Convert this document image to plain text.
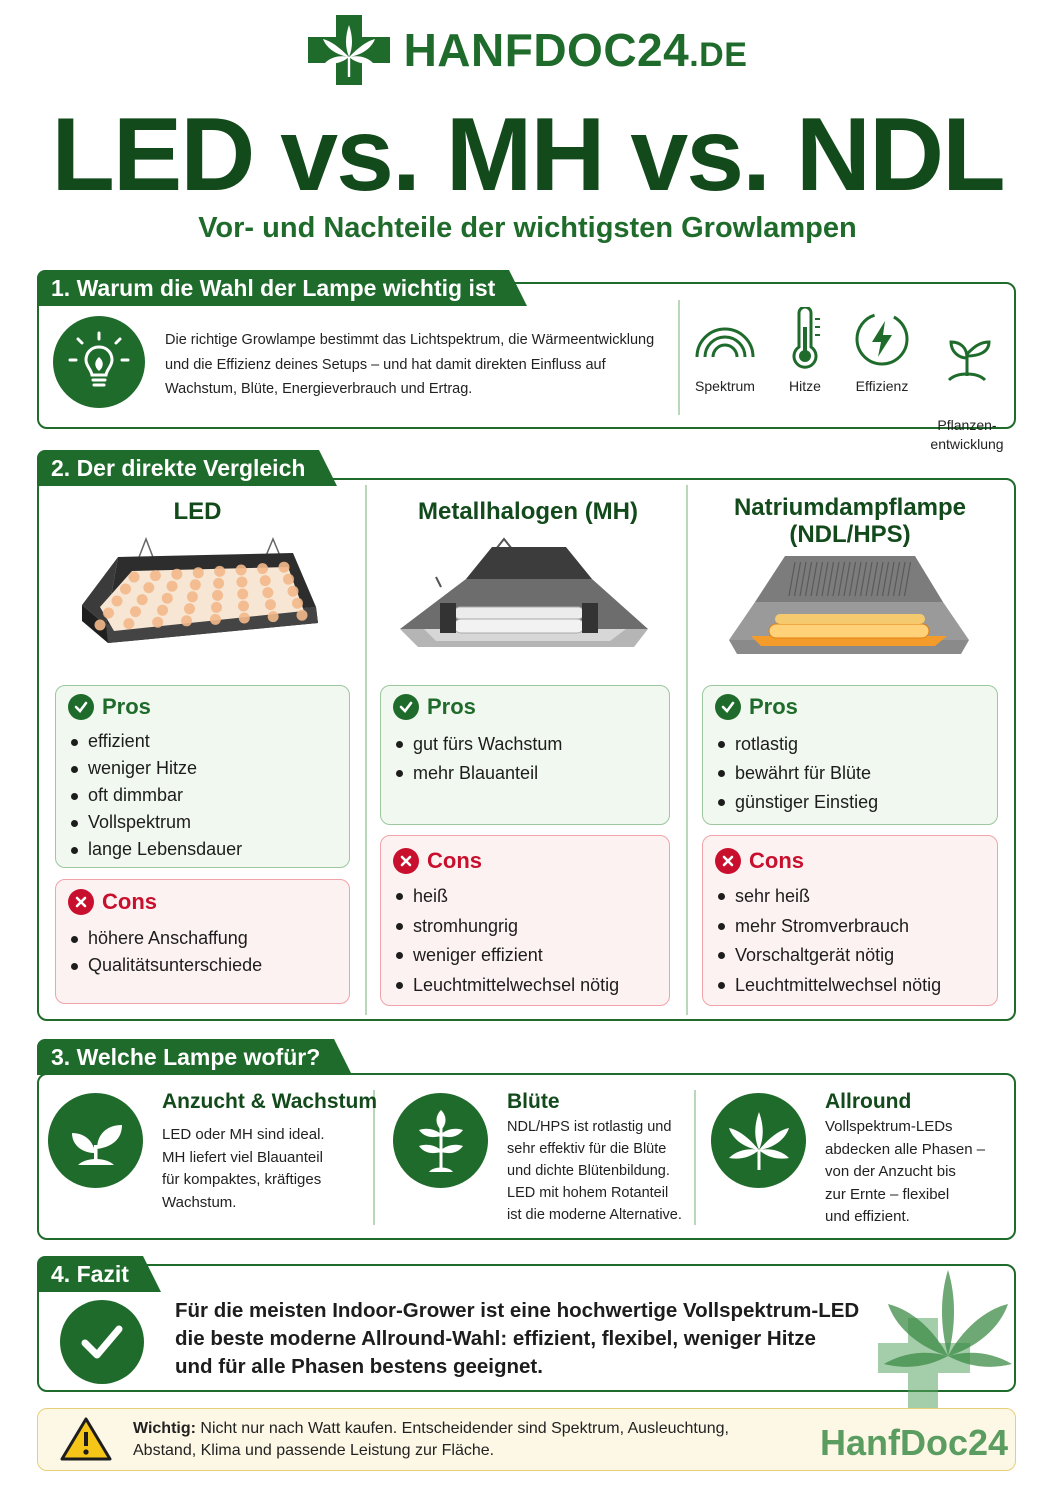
HANFDOC24.DE
LED vs. MH vs. NDL
Vor- und Nachteile der wichtigsten Growlampen
1. Warum die Wahl der Lampe wichtig ist
Die richtige Growlampe bestimmt das Lichtspektrum, die Wärmeentwicklung und die Effizienz deines Setups – und hat damit direkten Einfluss auf Wachstum, Blüte, Energieverbrauch und Ertrag.	Spektrum	Hitze	Effizienz

Pflanzen-
entwicklung

2. Der direkte Vergleich
LED	Metallhalogen (MH)	Natriumdampflampe
(NDL/HPS)
Pros
effizient
weniger Hitze
oft dimmbar
Vollspektrum
lange Lebensdauer
Cons
höhere Anschaffung
Qualitätsunterschiede
Pros
gut fürs Wachstum
mehr Blauanteil
Cons
heiß
stromhungrig
weniger effizient
Leuchtmittelwechsel nötig
Pros
rotlastig
bewährt für Blüte
günstiger Einstieg
Cons
sehr heiß
mehr Stromverbrauch
Vorschaltgerät nötig
Leuchtmittelwechsel nötig
3. Welche Lampe wofür?
Anzucht & Wachstum
LED oder MH sind ideal.
MH liefert viel Blauanteil
für kompaktes, kräftiges
Wachstum.
Blüte
NDL/HPS ist rotlastig und
sehr effektiv für die Blüte
und dichte Blütenbildung.
LED mit hohem Rotanteil
ist die moderne Alternative.
Allround
Vollspektrum-LEDs
abdecken alle Phasen –
von der Anzucht bis
zur Ernte – flexibel
und effizient.
4. Fazit
Für die meisten Indoor-Grower ist eine hochwertige Vollspektrum-LED
die beste moderne Allround-Wahl: effizient, flexibel, weniger Hitze
und für alle Phasen bestens geeignet.
Wichtig: Nicht nur nach Watt kaufen. Entscheidender sind Spektrum, Ausleuchtung,
Abstand, Klima und passende Leistung zur Fläche.	HanfDoc24
